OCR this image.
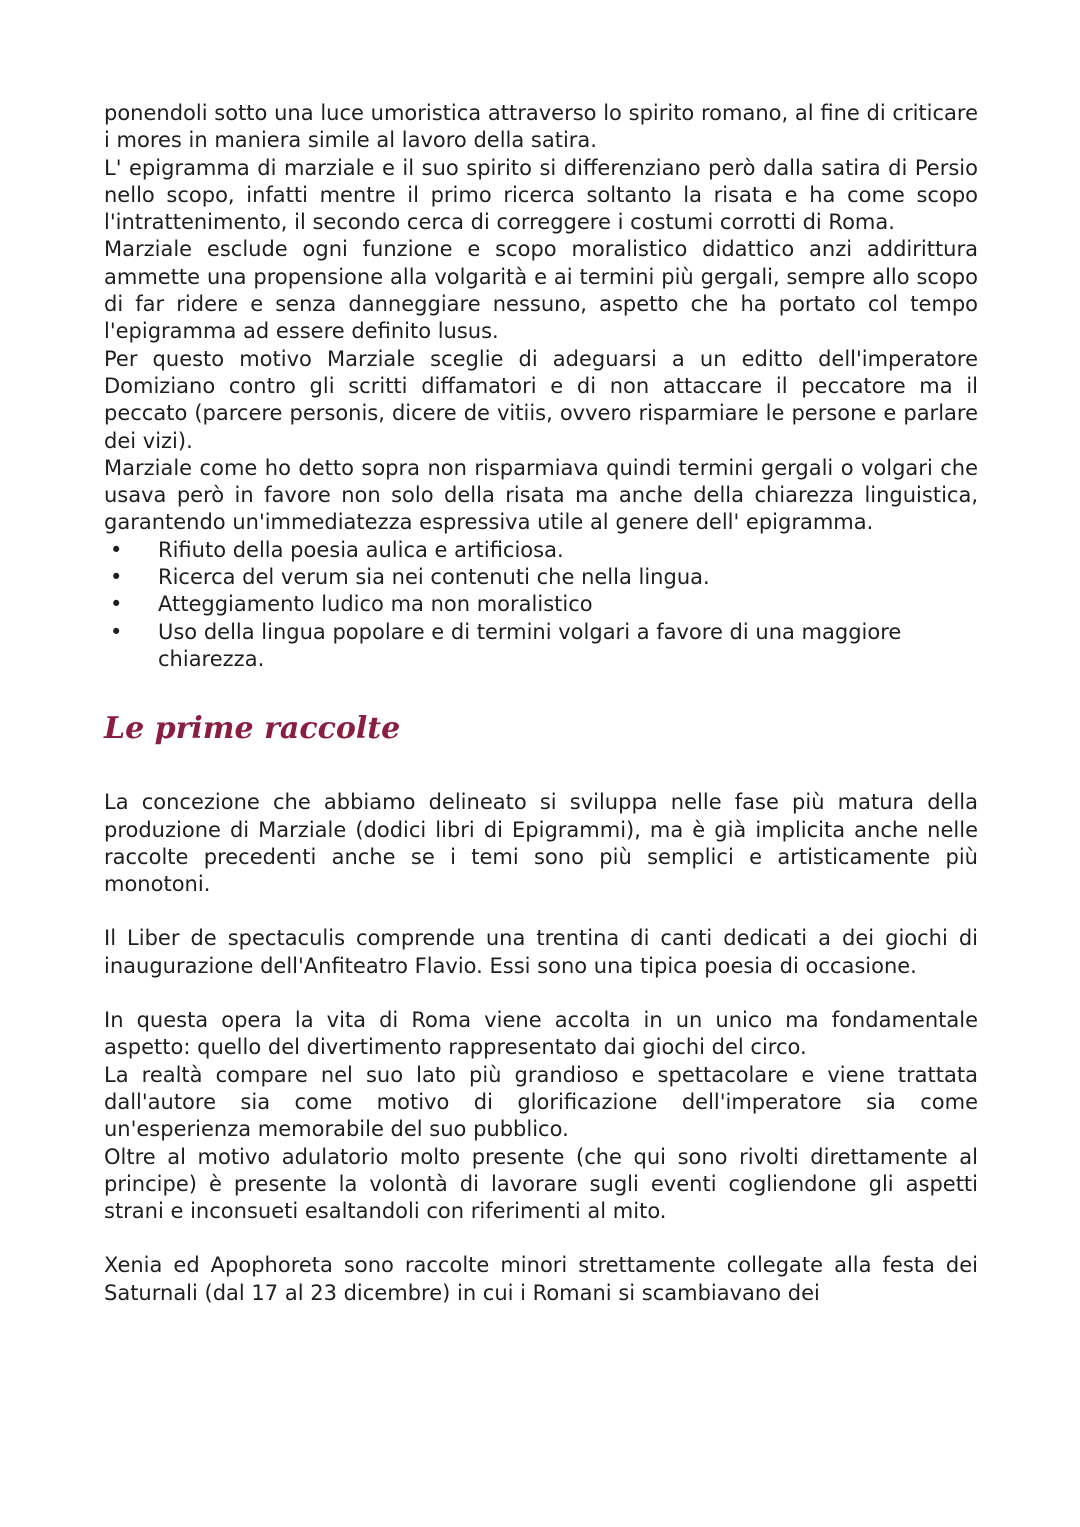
ponendoli sotto una luce umoristica attraverso lo spirito romano, al fine di criticare i mores in maniera simile al lavoro della satira.

L' epigramma di marziale e il suo spirito si differenziano però dalla satira di Persio nello scopo, infatti mentre il primo ricerca soltanto la risata e ha come scopo l'intrattenimento, il secondo cerca di correggere i costumi corrotti di Roma.

Marziale esclude ogni funzione e scopo moralistico didattico anzi addirittura ammette una propensione alla volgarità e ai termini più gergali, sempre allo scopo di far ridere e senza danneggiare nessuno, aspetto che ha portato col tempo l'epigramma ad essere definito lusus.

Per questo motivo Marziale sceglie di adeguarsi a un editto dell'imperatore Domiziano contro gli scritti diffamatori e di non attaccare il peccatore ma il peccato (parcere personis, dicere de vitiis, ovvero risparmiare le persone e parlare dei vizi).

Marziale come ho detto sopra non risparmiava quindi termini gergali o volgari che usava però in favore non solo della risata ma anche della chiarezza linguistica, garantendo un'immediatezza espressiva utile al genere dell' epigramma.

• Rifiuto della poesia aulica e artificiosa.
• Ricerca del verum sia nei contenuti che nella lingua.
• Atteggiamento ludico ma non moralistico
• Uso della lingua popolare e di termini volgari a favore di una maggiore chiarezza.
Le prime raccolte

La concezione che abbiamo delineato si sviluppa nelle fase più matura della produzione di Marziale (dodici libri di Epigrammi), ma è già implicita anche nelle raccolte precedenti anche se i temi sono più semplici e artisticamente più monotoni.

Il Liber de spectaculis comprende una trentina di canti dedicati a dei giochi di inaugurazione dell'Anfiteatro Flavio. Essi sono una tipica poesia di occasione.

In questa opera la vita di Roma viene accolta in un unico ma fondamentale aspetto: quello del divertimento rappresentato dai giochi del circo.

La realtà compare nel suo lato più grandioso e spettacolare e viene trattata dall'autore sia come motivo di glorificazione dell'imperatore sia come un'esperienza memorabile del suo pubblico.

Oltre al motivo adulatorio molto presente (che qui sono rivolti direttamente al principe) è presente la volontà di lavorare sugli eventi cogliendone gli aspetti strani e inconsueti esaltandoli con riferimenti al mito.

Xenia ed Apophoreta sono raccolte minori strettamente collegate alla festa dei Saturnali (dal 17 al 23 dicembre) in cui i Romani si scambiavano dei
